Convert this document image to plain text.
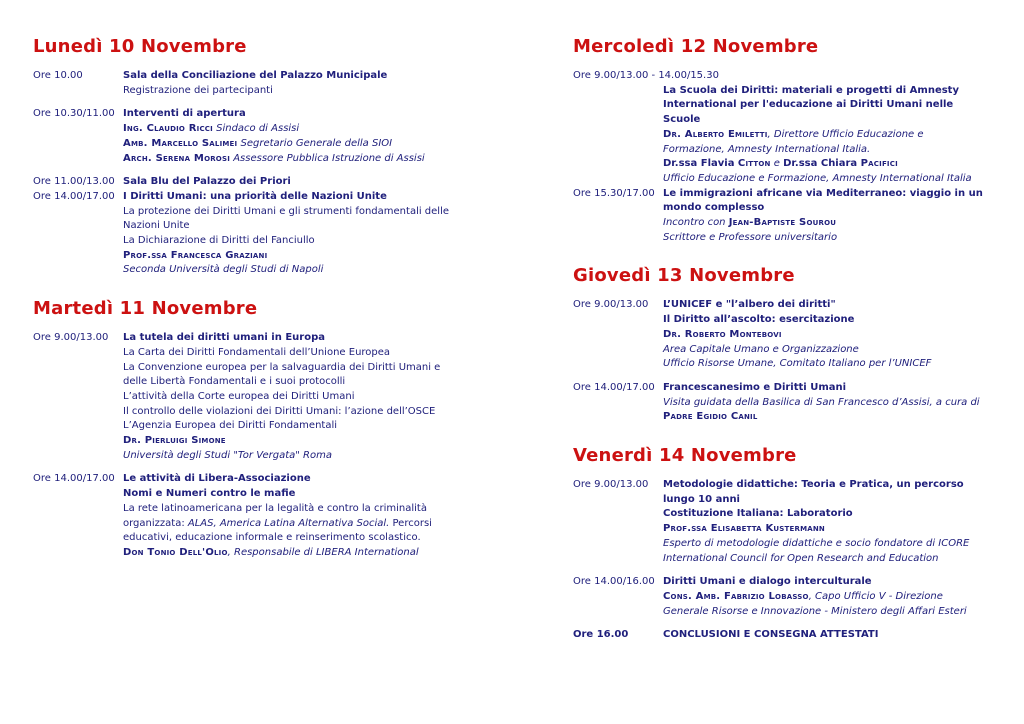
Lunedì 10 Novembre
Ore 10.00	Sala della Conciliazione del Palazzo Municipale
Registrazione dei partecipanti
Ore 10.30/11.00 Interventi di apertura
Ing. Claudio Ricci Sindaco di Assisi
Amb. Marcello Salimei Segretario Generale della SIOI
Arch. Serena Morosi Assessore Pubblica Istruzione di Assisi
Ore 11.00/13.00 Sala Blu del Palazzo dei Priori
Ore 14.00/17.00 I Diritti Umani: una priorità delle Nazioni Unite
La protezione dei Diritti Umani e gli strumenti fondamentali delle
Nazioni Unite
La Dichiarazione di Diritti del Fanciullo
Prof.ssa Francesca Graziani
Seconda Università degli Studi di Napoli
Martedì 11 Novembre
Ore 9.00/13.00	La tutela dei diritti umani in Europa
La Carta dei Diritti Fondamentali dell’Unione Europea
La Convenzione europea per la salvaguardia dei Diritti Umani e
delle Libertà Fondamentali e i suoi protocolli
L’attività della Corte europea dei Diritti Umani
Il controllo delle violazioni dei Diritti Umani: l’azione dell’OSCE
L’Agenzia Europea dei Diritti Fondamentali
Dr. Pierluigi Simone
Università degli Studi "Tor Vergata" Roma
Ore 14.00/17.00 Le attività di Libera-Associazione
Nomi e Numeri contro le mafie
La rete latinoamericana per la legalità e contro la criminalità
organizzata: ALAS, America Latina Alternativa Social. Percorsi
educativi, educazione informale e reinserimento scolastico.
Don Tonio Dell'Olio, Responsabile di LIBERA International
Mercoledì 12 Novembre
Ore 9.00/13.00 - 14.00/15.30
La Scuola dei Diritti: materiali e progetti di Amnesty
International per l'educazione ai Diritti Umani nelle
Scuole
Dr. Alberto Emiletti, Direttore Ufficio Educazione e
Formazione, Amnesty International Italia.
Dr.ssa Flavia Citton e Dr.ssa Chiara Pacifici
Ufficio Educazione e Formazione, Amnesty International Italia
Ore 15.30/17.00 Le immigrazioni africane via Mediterraneo: viaggio in un
mondo complesso
Incontro con Jean-Baptiste Sourou
Scrittore e Professore universitario
Giovedì 13 Novembre
Ore 9.00/13.00	L’UNICEF e "l’albero dei diritti"
Il Diritto all’ascolto: esercitazione
Dr. Roberto Montebovi
Area Capitale Umano e Organizzazione
Ufficio Risorse Umane, Comitato Italiano per l’UNICEF
Ore 14.00/17.00 Francescanesimo e Diritti Umani
Visita guidata della Basilica di San Francesco d’Assisi, a cura di
Padre Egidio Canil
Venerdì 14 Novembre
Ore 9.00/13.00	Metodologie didattiche: Teoria e Pratica, un percorso
lungo 10 anni
Costituzione Italiana: Laboratorio
Prof.ssa Elisabetta Kustermann
Esperto di metodologie didattiche e socio fondatore di ICORE
International Council for Open Research and Education
Ore 14.00/16.00 Diritti Umani e dialogo interculturale
Cons. Amb. Fabrizio Lobasso, Capo Ufficio V - Direzione
Generale Risorse e Innovazione - Ministero degli Affari Esteri
Ore 16.00	CONCLUSIONI E CONSEGNA ATTESTATI
